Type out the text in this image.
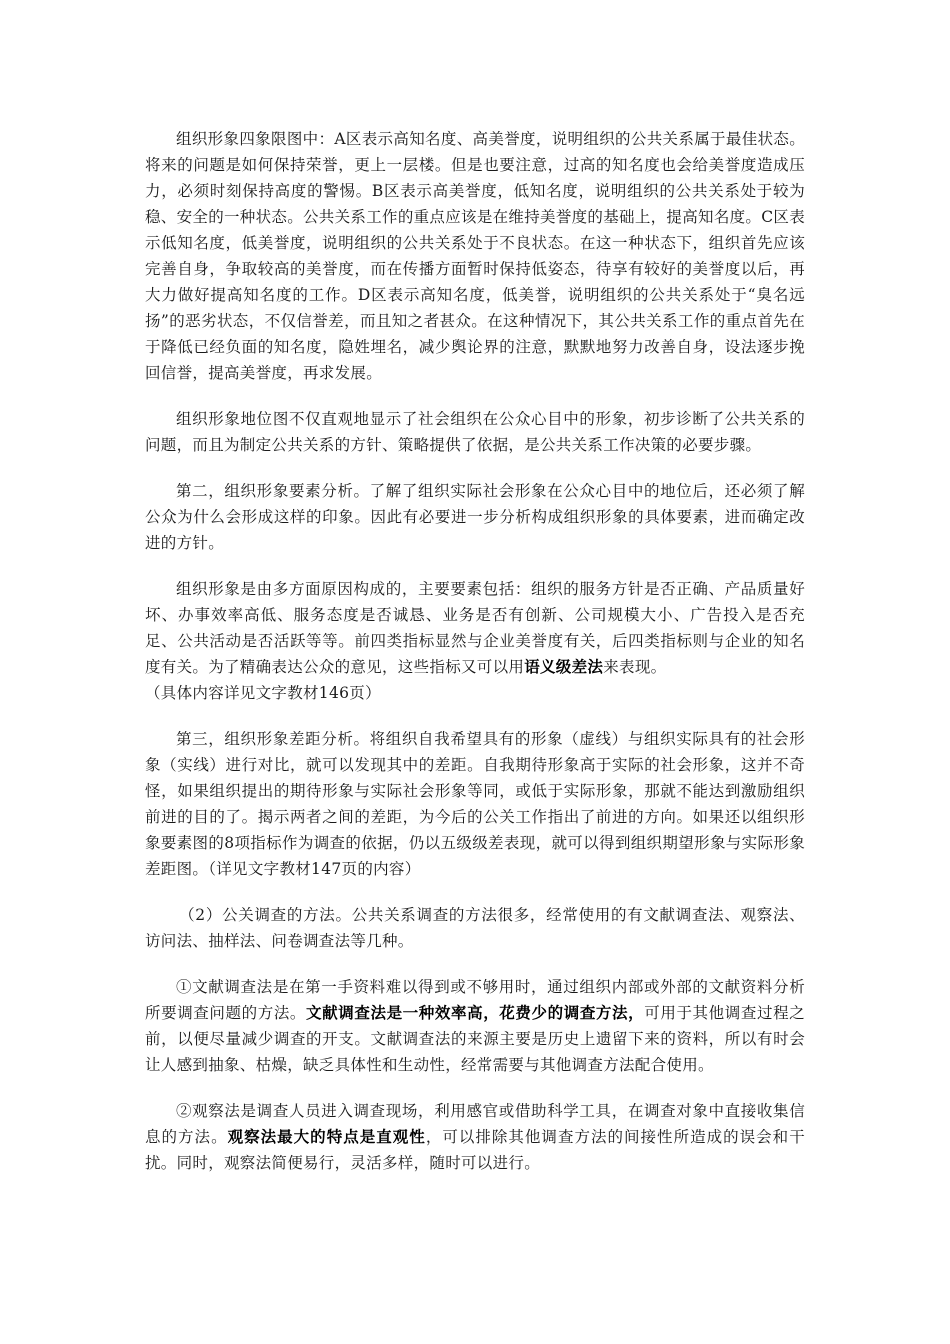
组织形象四象限图中：A区表示高知名度、高美誉度，说明组织的公共关系属于最佳状态。将来的问题是如何保持荣誉，更上一层楼。但是也要注意，过高的知名度也会给美誉度造成压力，必须时刻保持高度的警惕。B区表示高美誉度，低知名度，说明组织的公共关系处于较为稳、安全的一种状态。公共关系工作的重点应该是在维持美誉度的基础上，提高知名度。C区表示低知名度，低美誉度，说明组织的公共关系处于不良状态。在这一种状态下，组织首先应该完善自身，争取较高的美誉度，而在传播方面暂时保持低姿态，待享有较好的美誉度以后，再大力做好提高知名度的工作。D区表示高知名度，低美誉，说明组织的公共关系处于“臭名远扬”的恶劣状态，不仅信誉差，而且知之者甚众。在这种情况下，其公共关系工作的重点首先在于降低已经负面的知名度，隐姓埋名，减少舆论界的注意，默默地努力改善自身，设法逐步挽回信誉，提高美誉度，再求发展。

组织形象地位图不仅直观地显示了社会组织在公众心目中的形象，初步诊断了公共关系的问题，而且为制定公共关系的方针、策略提供了依据，是公共关系工作决策的必要步骤。

第二，组织形象要素分析。了解了组织实际社会形象在公众心目中的地位后，还必须了解公众为什么会形成这样的印象。因此有必要进一步分析构成组织形象的具体要素，进而确定改进的方针。

组织形象是由多方面原因构成的，主要要素包括：组织的服务方针是否正确、产品质量好坏、办事效率高低、服务态度是否诚恳、业务是否有创新、公司规模大小、广告投入是否充足、公共活动是否活跃等等。前四类指标显然与企业美誉度有关，后四类指标则与企业的知名度有关。为了精确表达公众的意见，这些指标又可以用语义级差法来表现。
（具体内容详见文字教材146页）

第三，组织形象差距分析。将组织自我希望具有的形象（虚线）与组织实际具有的社会形象（实线）进行对比，就可以发现其中的差距。自我期待形象高于实际的社会形象，这并不奇怪，如果组织提出的期待形象与实际社会形象等同，或低于实际形象，那就不能达到激励组织前进的目的了。揭示两者之间的差距，为今后的公关工作指出了前进的方向。如果还以组织形象要素图的8项指标作为调查的依据，仍以五级级差表现，就可以得到组织期望形象与实际形象差距图。（详见文字教材147页的内容）

（2）公关调查的方法。公共关系调查的方法很多，经常使用的有文献调查法、观察法、访问法、抽样法、问卷调查法等几种。

①文献调查法是在第一手资料难以得到或不够用时，通过组织内部或外部的文献资料分析所要调查问题的方法。文献调查法是一种效率高，花费少的调查方法，可用于其他调查过程之前，以便尽量减少调查的开支。文献调查法的来源主要是历史上遗留下来的资料，所以有时会让人感到抽象、枯燥，缺乏具体性和生动性，经常需要与其他调查方法配合使用。

②观察法是调查人员进入调查现场，利用感官或借助科学工具，在调查对象中直接收集信息的方法。观察法最大的特点是直观性，可以排除其他调查方法的间接性所造成的误会和干扰。同时，观察法简便易行，灵活多样，随时可以进行。
